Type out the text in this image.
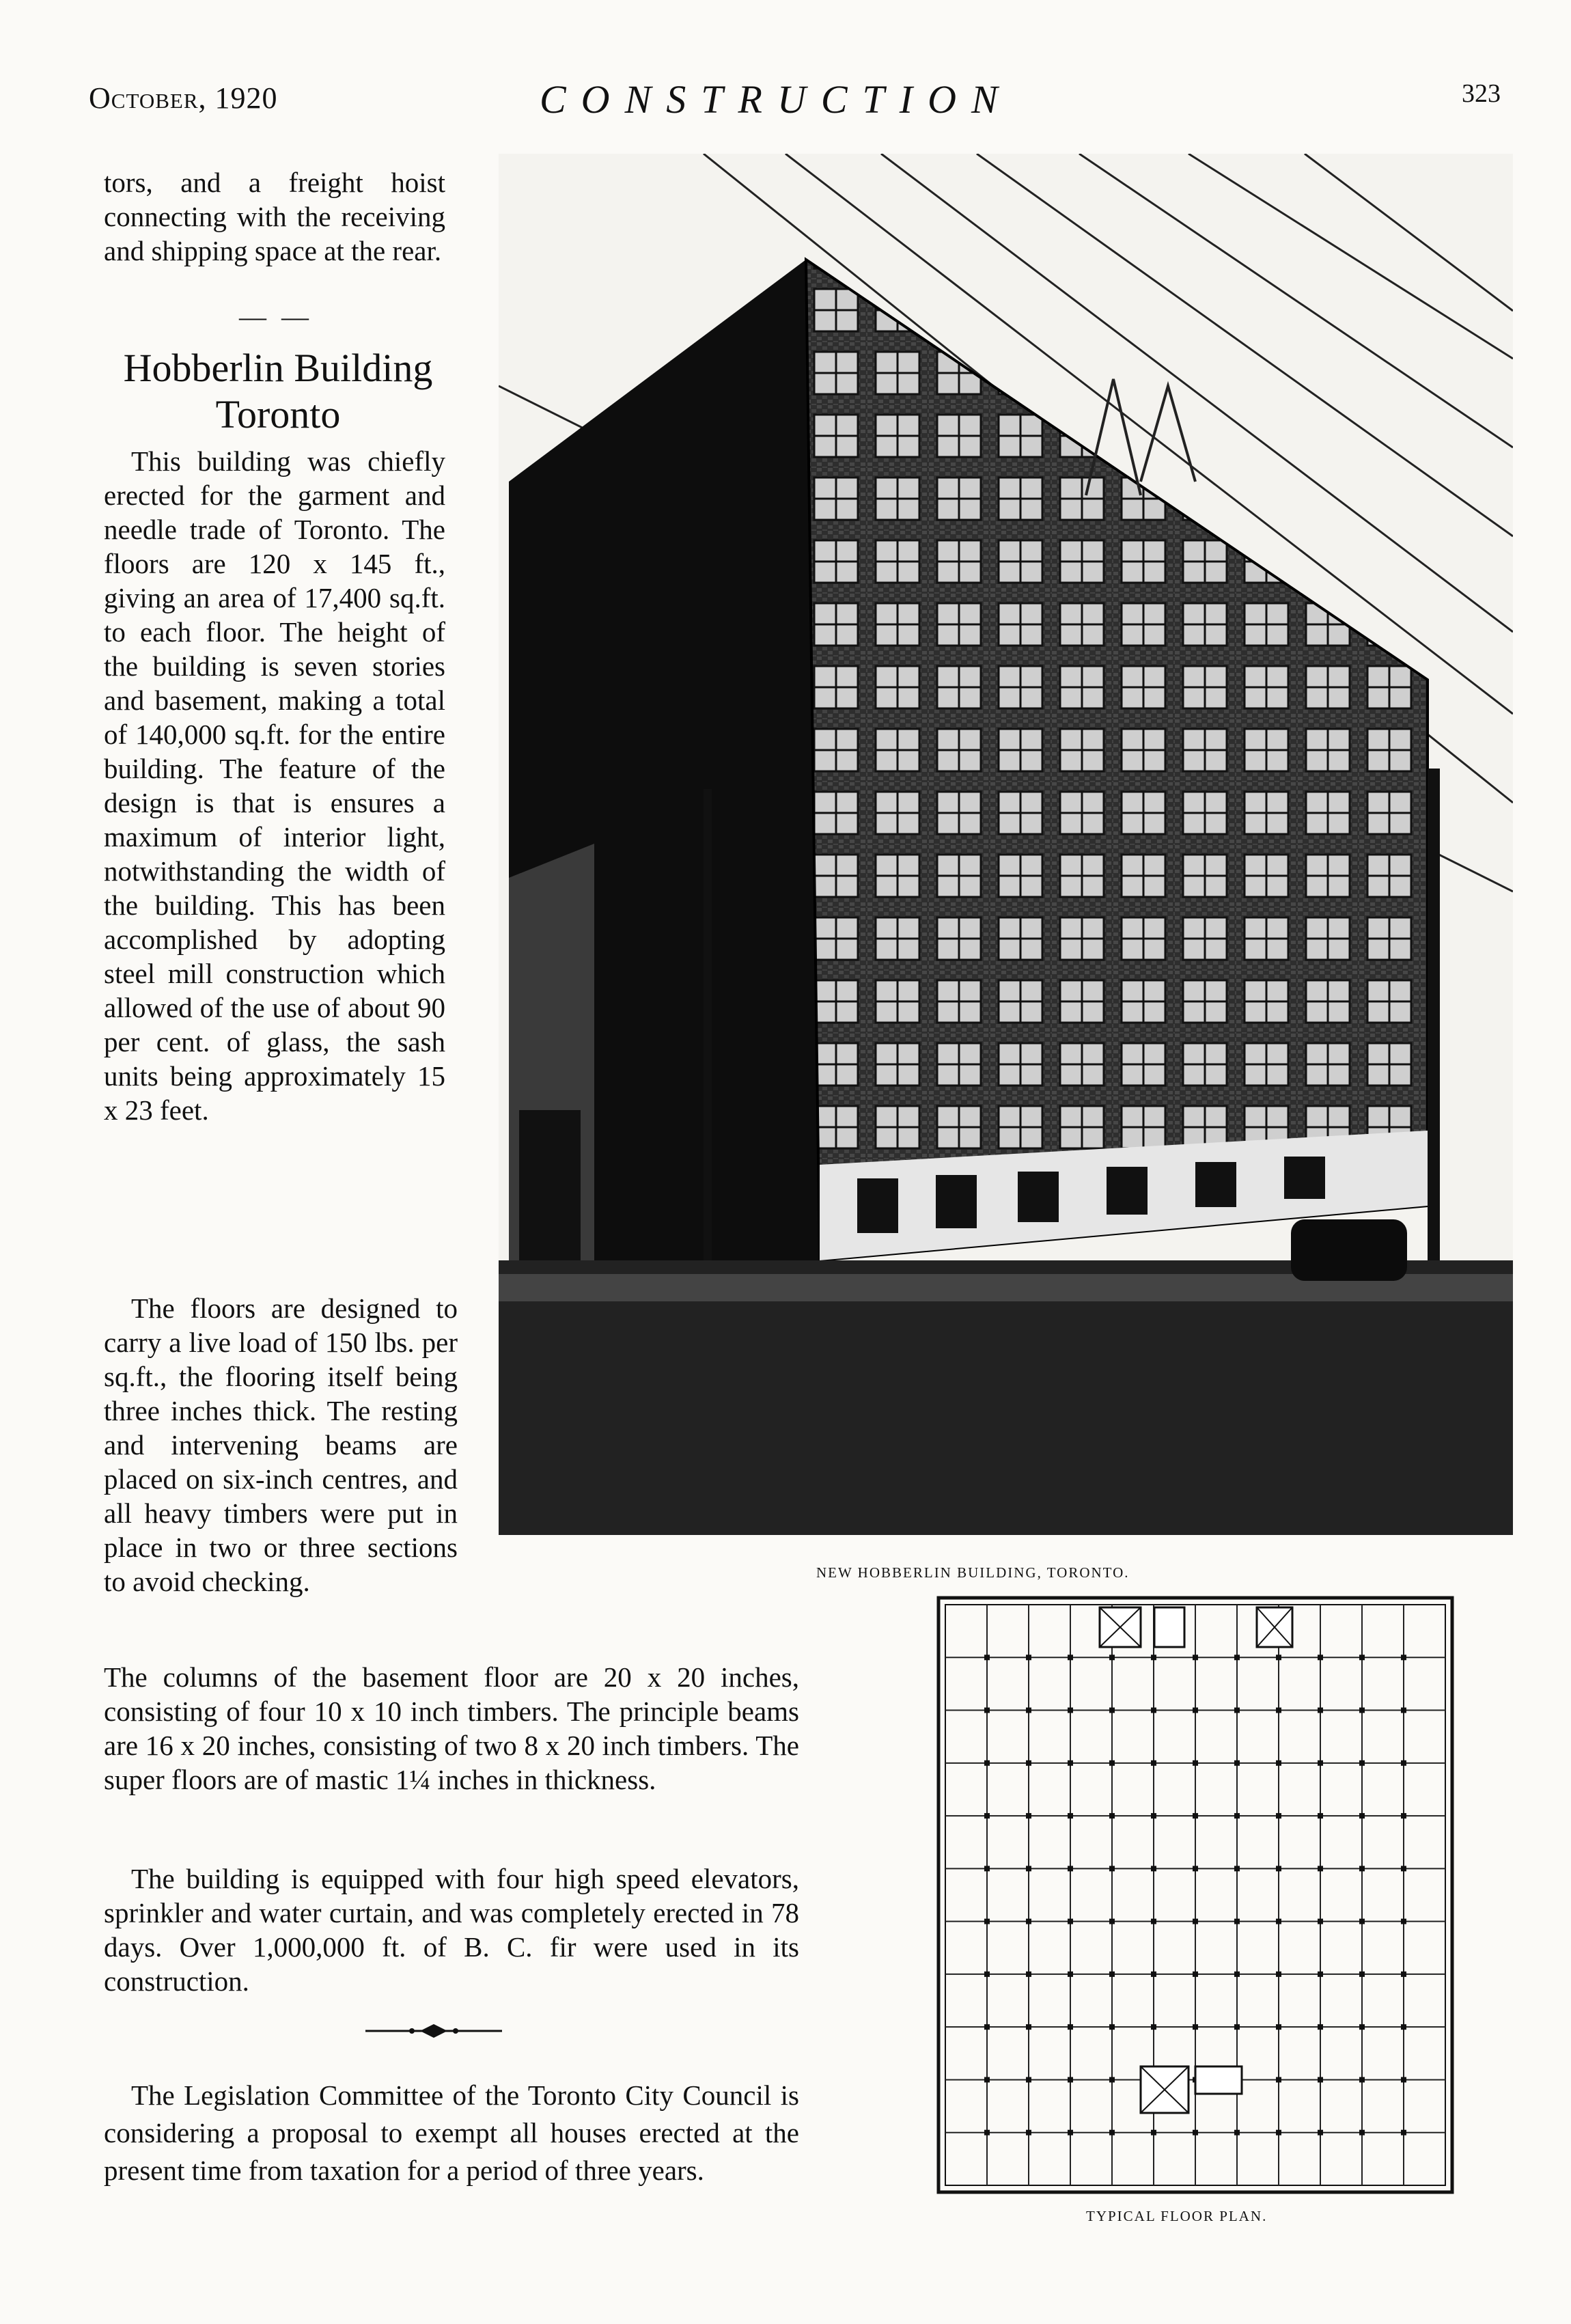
October, 1920	CONSTRUCTION	323
tors, and a freight hoist connecting with the receiving and shipping space at the rear.
— —
Hobberlin Building
Toronto
This building was chiefly erected for the garment and needle trade of Toronto. The floors are 120 x 145 ft., giving an area of 17,400 sq.ft. to each floor. The height of the building is seven stories and basement, making a total of 140,000 sq.ft. for the entire building. The feature of the design is that is ensures a maximum of interior light, notwithstanding the width of the building. This has been accomplished by adopting steel mill construction which allowed of the use of about 90 per cent. of glass, the sash units being approximately 15 x 23 feet.
The floors are designed to carry a live load of 150 lbs. per sq.ft., the flooring itself being three inches thick. The resting and intervening beams are placed on six-inch centres, and all heavy timbers were put in place in two or three sections to avoid checking.
The columns of the basement floor are 20 x 20 inches, consisting of four 10 x 10 inch timbers. The principle beams are 16 x 20 inches, consisting of two 8 x 20 inch timbers. The super floors are of mastic 1¼ inches in thickness.
The building is equipped with four high speed elevators, sprinkler and water curtain, and was completely erected in 78 days. Over 1,000,000 ft. of B. C. fir were used in its construction.
The Legislation Committee of the Toronto City Council is considering a proposal to exempt all houses erected at the present time from taxation for a period of three years.
NEW HOBBERLIN BUILDING, TORONTO.
TYPICAL FLOOR PLAN.
